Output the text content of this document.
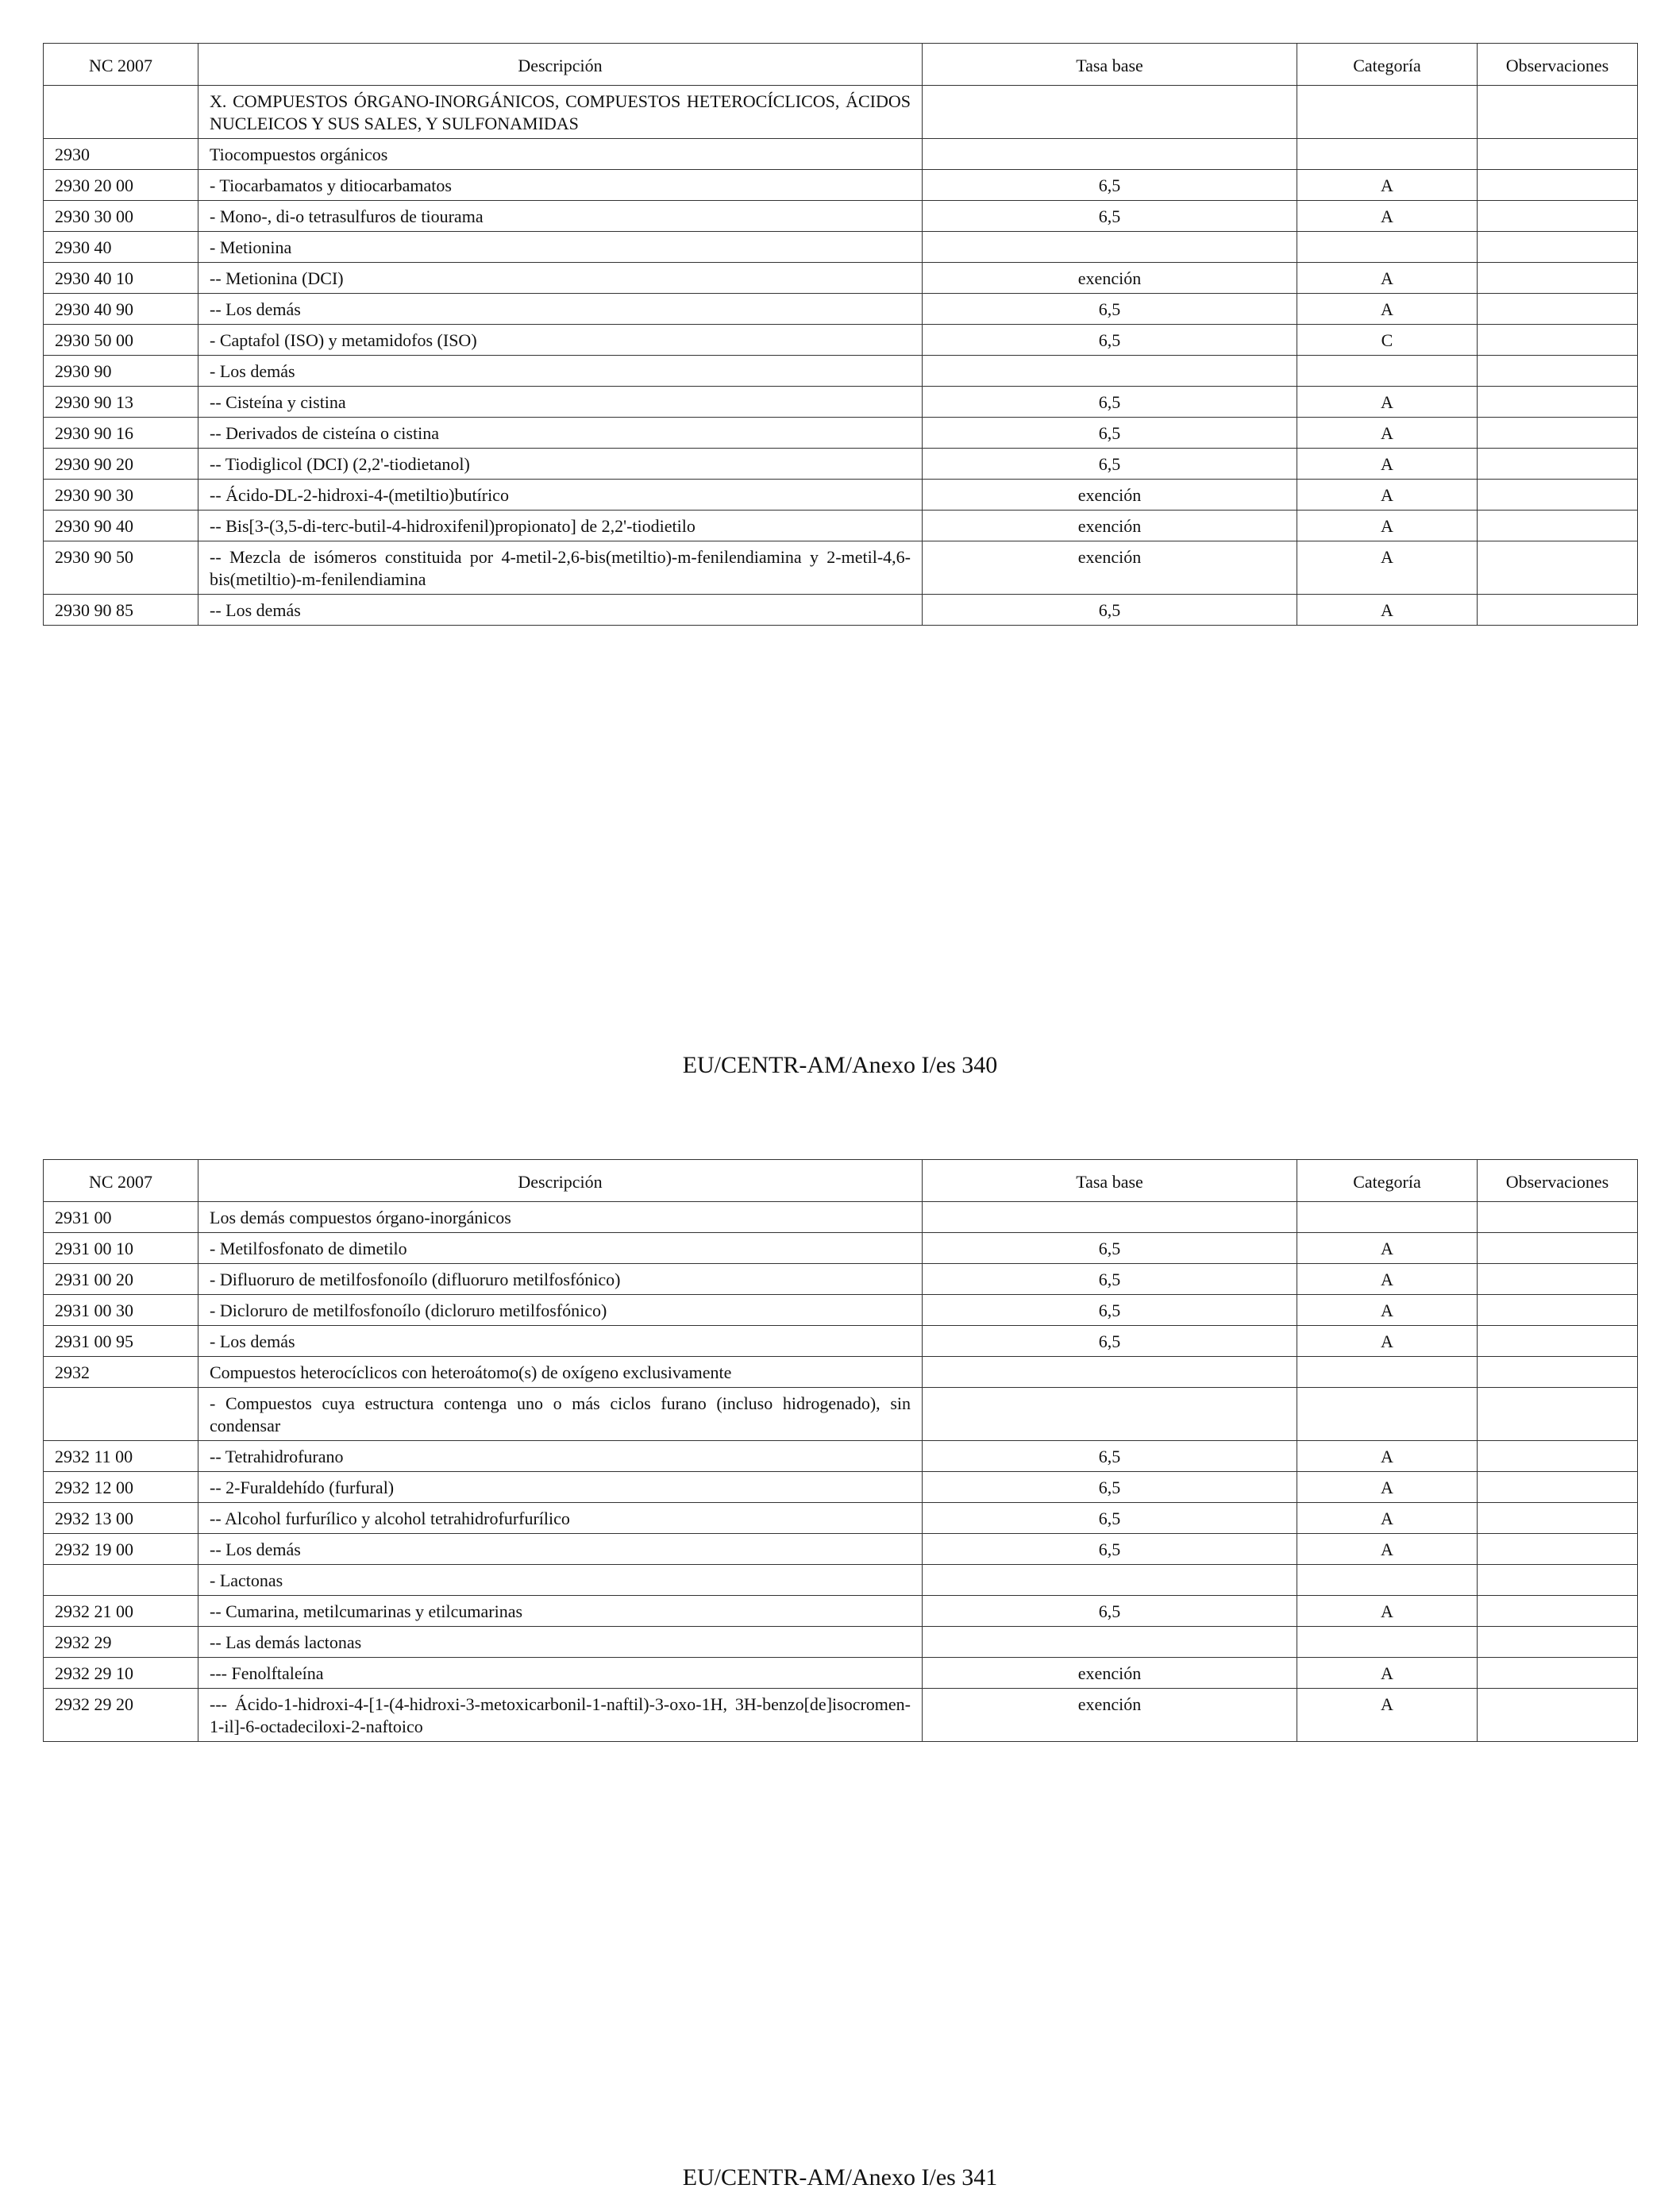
NC 2007	Descripción	Tasa base	Categoría	Observaciones
	X. COMPUESTOS ÓRGANO-INORGÁNICOS, COMPUESTOS HETEROCÍCLICOS, ÁCIDOS NUCLEICOS Y SUS SALES, Y SULFONAMIDAS			
2930	Tiocompuestos orgánicos			
2930 20 00	- Tiocarbamatos y ditiocarbamatos	6,5	A	
2930 30 00	- Mono-, di-o tetrasulfuros de tiourama	6,5	A	
2930 40	- Metionina			
2930 40 10	-- Metionina (DCI)	exención	A	
2930 40 90	-- Los demás	6,5	A	
2930 50 00	- Captafol (ISO) y metamidofos (ISO)	6,5	C	
2930 90	- Los demás			
2930 90 13	-- Cisteína y cistina	6,5	A	
2930 90 16	-- Derivados de cisteína o cistina	6,5	A	
2930 90 20	-- Tiodiglicol (DCI) (2,2'-tiodietanol)	6,5	A	
2930 90 30	-- Ácido-DL-2-hidroxi-4-(metiltio)butírico	exención	A	
2930 90 40	-- Bis[3-(3,5-di-terc-butil-4-hidroxifenil)propionato] de 2,2'-tiodietilo	exención	A	
2930 90 50	-- Mezcla de isómeros constituida por 4-metil-2,6-bis(metiltio)-m-fenilendiamina y 2-metil-4,6-bis(metiltio)-m-fenilendiamina	exención	A	
2930 90 85	-- Los demás	6,5	A	
EU/CENTR-AM/Anexo I/es 340
NC 2007	Descripción	Tasa base	Categoría	Observaciones
2931 00	Los demás compuestos órgano-inorgánicos			
2931 00 10	- Metilfosfonato de dimetilo	6,5	A	
2931 00 20	- Difluoruro de metilfosfonoílo (difluoruro metilfosfónico)	6,5	A	
2931 00 30	- Dicloruro de metilfosfonoílo (dicloruro metilfosfónico)	6,5	A	
2931 00 95	- Los demás	6,5	A	
2932	Compuestos heterocíclicos con heteroátomo(s) de oxígeno exclusivamente			
	- Compuestos cuya estructura contenga uno o más ciclos furano (incluso hidrogenado), sin condensar			
2932 11 00	-- Tetrahidrofurano	6,5	A	
2932 12 00	-- 2-Furaldehído (furfural)	6,5	A	
2932 13 00	-- Alcohol furfurílico y alcohol tetrahidrofurfurílico	6,5	A	
2932 19 00	-- Los demás	6,5	A	
	- Lactonas			
2932 21 00	-- Cumarina, metilcumarinas y etilcumarinas	6,5	A	
2932 29	-- Las demás lactonas			
2932 29 10	--- Fenolftaleína	exención	A	
2932 29 20	--- Ácido-1-hidroxi-4-[1-(4-hidroxi-3-metoxicarbonil-1-naftil)-3-oxo-1H, 3H-benzo[de]isocromen-1-il]-6-octadeciloxi-2-naftoico	exención	A	
EU/CENTR-AM/Anexo I/es 341
